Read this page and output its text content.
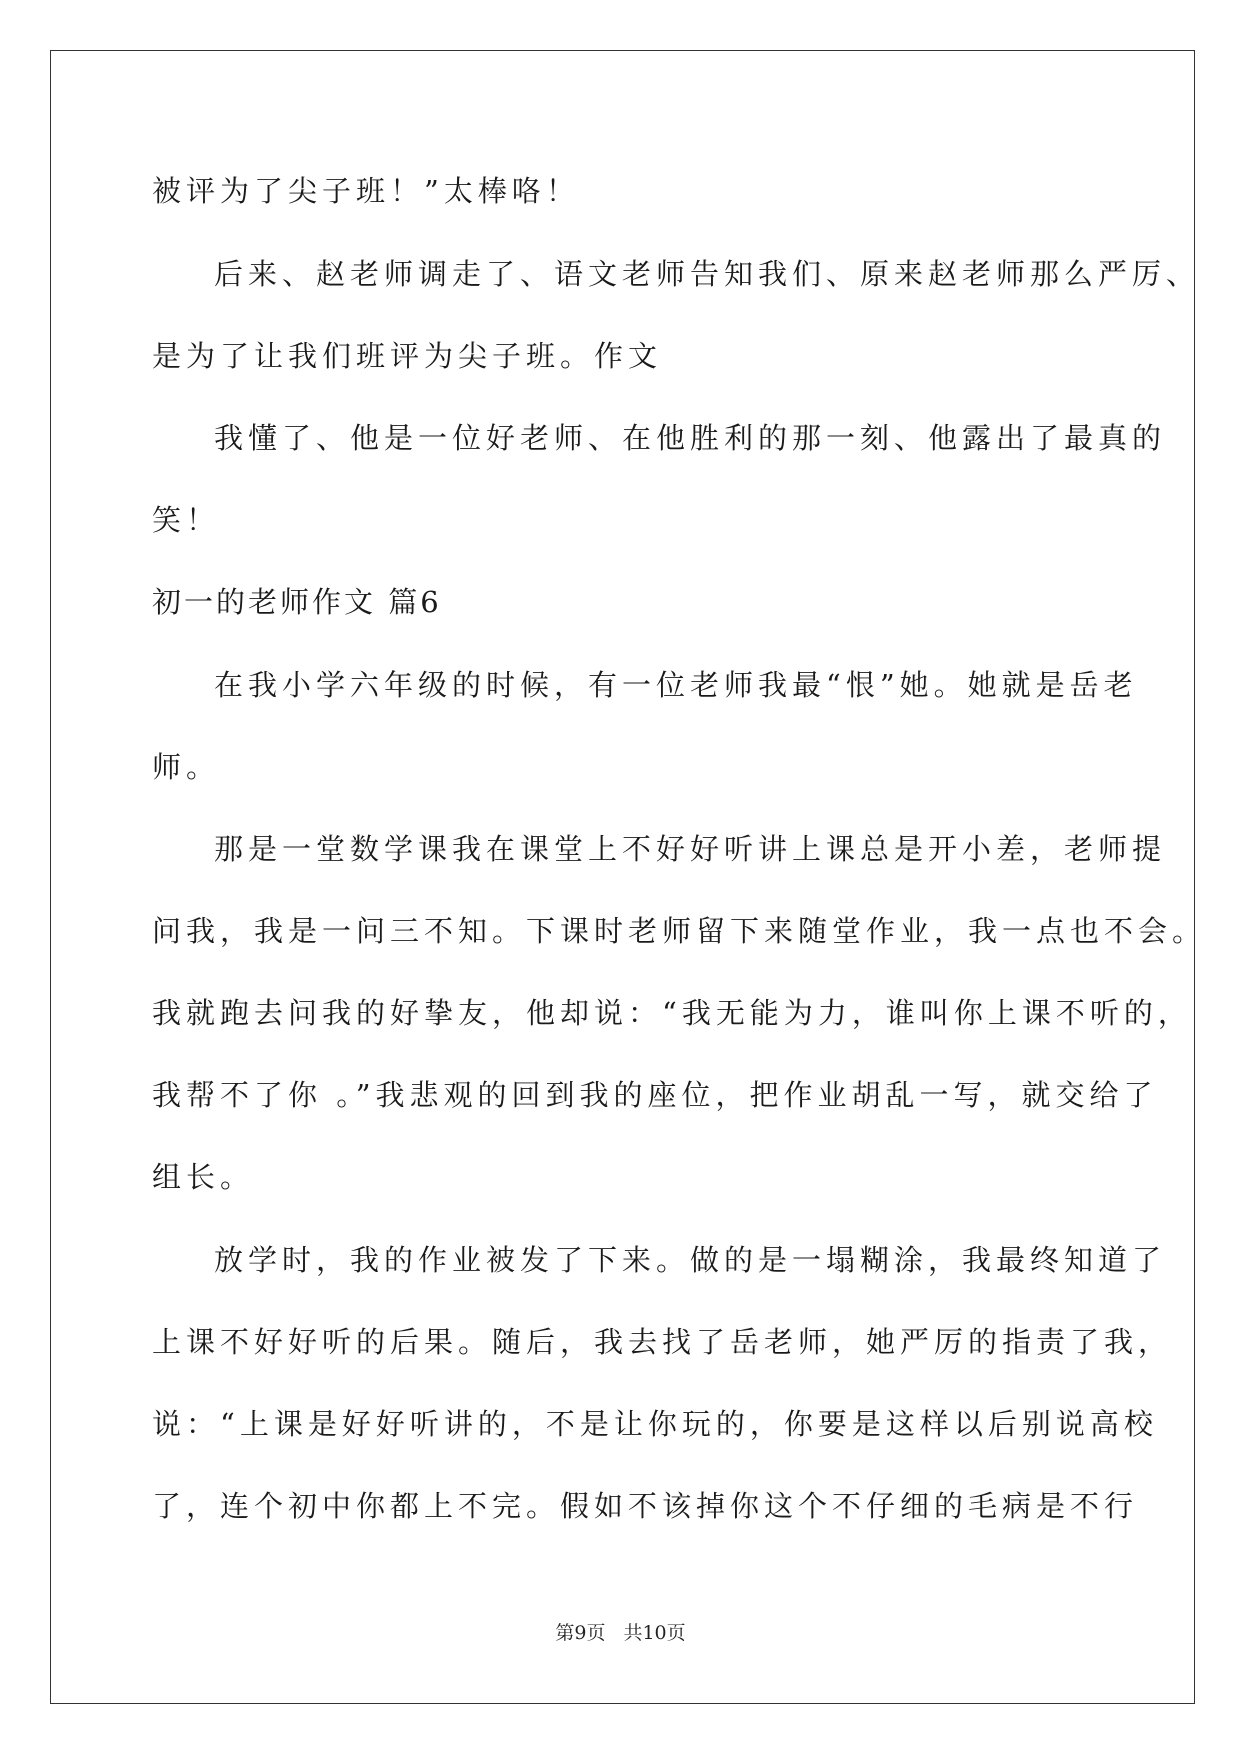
被评为了尖子班！”太棒咯！
后来、赵老师调走了、语文老师告知我们、原来赵老师那么严厉、
是为了让我们班评为尖子班。作文
我懂了、他是一位好老师、在他胜利的那一刻、他露出了最真的
笑！
初一的老师作文 篇6
在我小学六年级的时候，有一位老师我最“恨”她。她就是岳老
师。
那是一堂数学课我在课堂上不好好听讲上课总是开小差，老师提
问我，我是一问三不知。下课时老师留下来随堂作业，我一点也不会。
我就跑去问我的好挚友，他却说：“我无能为力，谁叫你上课不听的，
我帮不了你 。”我悲观的回到我的座位，把作业胡乱一写，就交给了
组长。
放学时，我的作业被发了下来。做的是一塌糊涂，我最终知道了
上课不好好听的后果。随后，我去找了岳老师，她严厉的指责了我，
说：“上课是好好听讲的，不是让你玩的，你要是这样以后别说高校
了，连个初中你都上不完。假如不该掉你这个不仔细的毛病是不行
第9页 共10页
